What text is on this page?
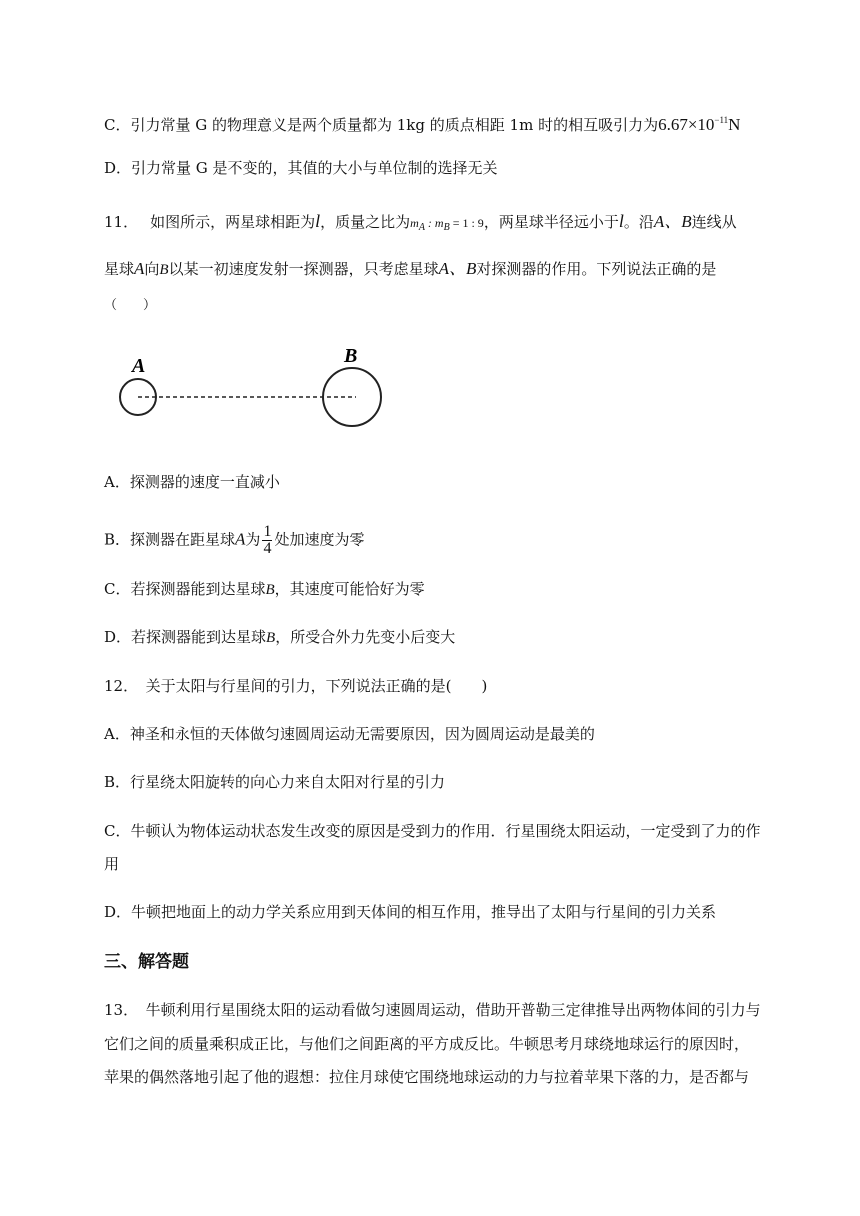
C．引力常量 G 的物理意义是两个质量都为 1kg 的质点相距 1m 时的相互吸引力为$6.67\times 10^{-11}N$
D．引力常量 G 是不变的，其值的大小与单位制的选择无关
11． 如图所示，两星球相距为l，质量之比为$m_A$ : $m_B = 1$ : 9，两星球半径远小于l。沿A、B连线从
星球A向B以某一初速度发射一探测器，只考虑星球A、B对探测器的作用。下列说法正确的是
（　　）
A	B
A．探测器的速度一直减小
B．探测器在距星球A为 $\frac{1}{4}$ 处加速度为零
C．若探测器能到达星球B，其速度可能恰好为零
D．若探测器能到达星球B，所受合外力先变小后变大
12．　关于太阳与行星间的引力，下列说法正确的是(　　)
A．神圣和永恒的天体做匀速圆周运动无需要原因，因为圆周运动是最美的
B．行星绕太阳旋转的向心力来自太阳对行星的引力
C．牛顿认为物体运动状态发生改变的原因是受到力的作用．行星围绕太阳运动，一定受到了力的作
用
D．牛顿把地面上的动力学关系应用到天体间的相互作用，推导出了太阳与行星间的引力关系
三、解答题
13．　牛顿利用行星围绕太阳的运动看做匀速圆周运动，借助开普勒三定律推导出两物体间的引力与
它们之间的质量乘积成正比，与他们之间距离的平方成反比。牛顿思考月球绕地球运行的原因时，
苹果的偶然落地引起了他的遐想：拉住月球使它围绕地球运动的力与拉着苹果下落的力，是否都与
